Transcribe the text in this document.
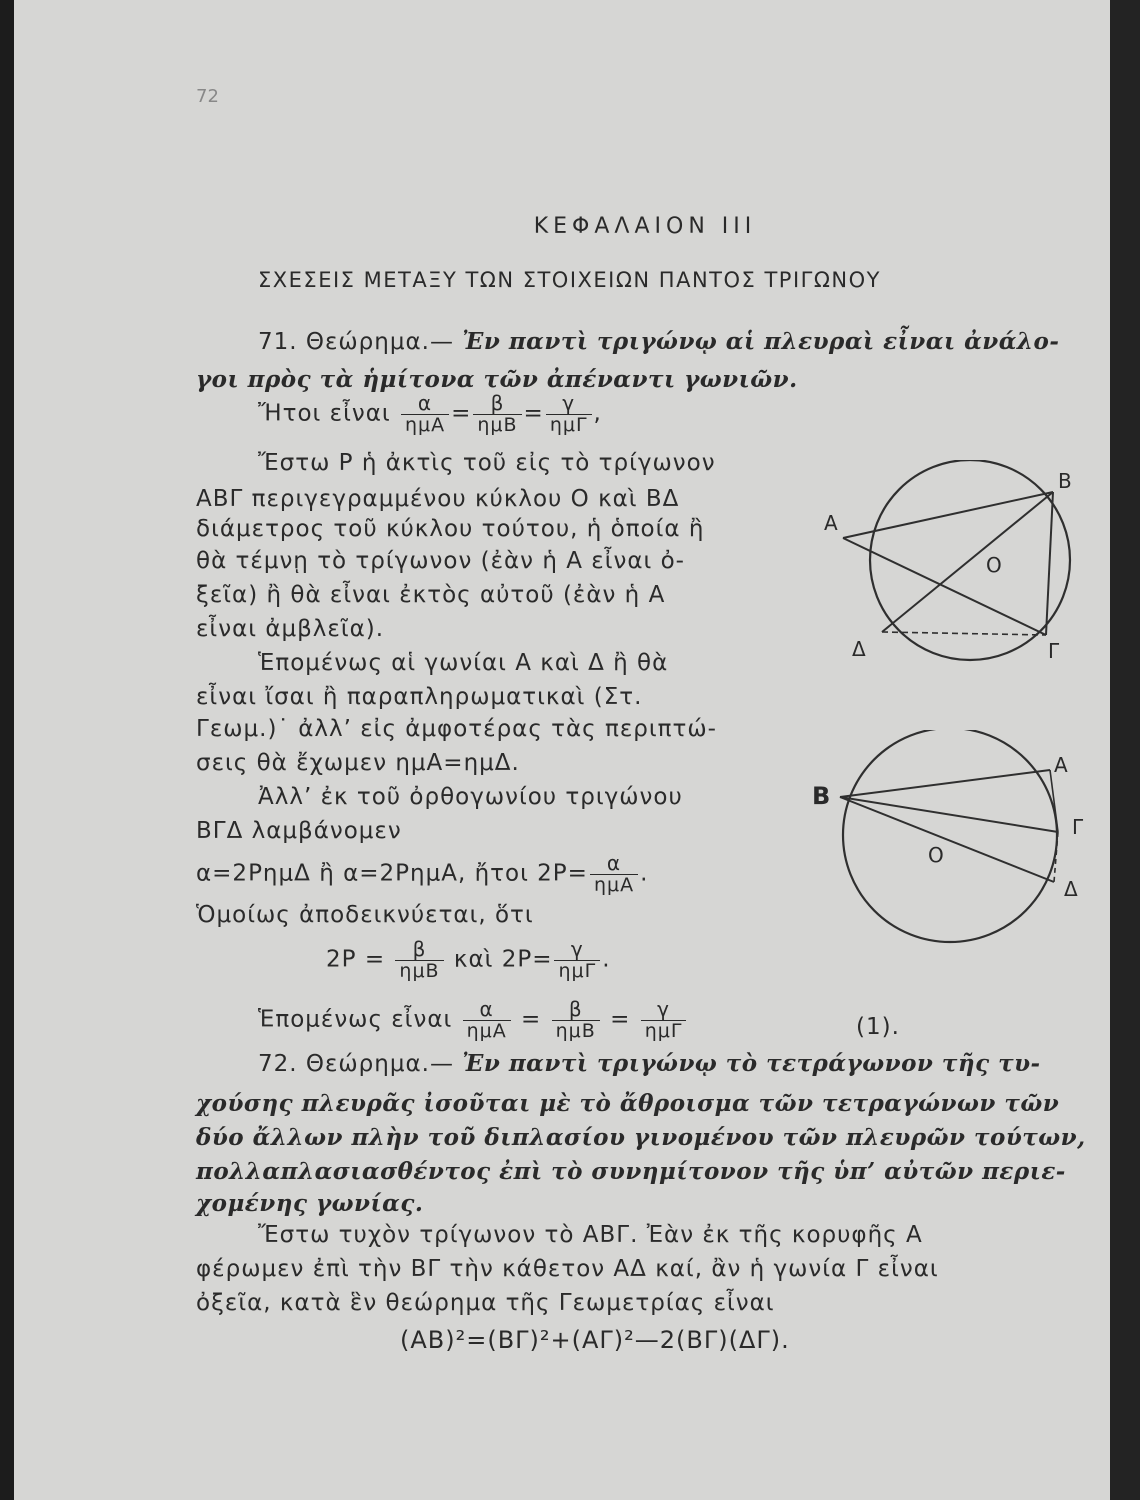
72
ΚΕΦΑΛΑΙΟΝ III
ΣΧΕΣΕΙΣ ΜΕΤΑΞΥ ΤΩΝ ΣΤΟΙΧΕΙΩΝ ΠΑΝΤΟΣ ΤΡΙΓΩΝΟΥ
71. Θεώρημα.— Ἐν παντὶ τριγώνῳ αἱ πλευραὶ εἶναι ἀνάλο-
γοι πρὸς τὰ ἡμίτονα τῶν ἀπέναντι γωνιῶν.
Ἤτοι εἶναι $\frac{\alpha}{\text{ημΑ}} = \frac{\beta}{\text{ημΒ}} = \frac{\gamma}{\text{ημΓ}}$ ,
Ἔστω Ρ ἡ ἀκτὶς τοῦ εἰς τὸ τρίγωνον
ΑΒΓ περιγεγραμμένου κύκλου Ο καὶ ΒΔ
διάμετρος τοῦ κύκλου τούτου, ἡ ὁποία ἢ
θὰ τέμνῃ τὸ τρίγωνον (ἐὰν ἡ Α εἶναι ὀ-
ξεῖα) ἢ θὰ εἶναι ἐκτὸς αὐτοῦ (ἐὰν ἡ Α
εἶναι ἀμβλεῖα).
Ἑπομένως αἱ γωνίαι Α καὶ Δ ἢ θὰ
εἶναι ἴσαι ἢ παραπληρωματικαὶ (Στ.
Γεωμ.)˙ ἀλλ’ εἰς ἀμφοτέρας τὰς περιπτώ-
σεις θὰ ἔχωμεν ημΑ=ημΔ.
Ἀλλ’ ἐκ τοῦ ὀρθογωνίου τριγώνου
ΒΓΔ λαμβάνομεν
α=2ΡημΔ ἢ α=2ΡημΑ, ἤτοι $2P= \frac{\alpha}{\text{ημΑ}}$ .
Ὁμοίως ἀποδεικνύεται, ὅτι
$2P = \frac{\beta}{\text{ημΒ}}$ καὶ $2P= \frac{\gamma}{\text{ημΓ}}$ .
Ἑπομένως εἶναι $\frac{\alpha}{\text{ημΑ}} = \frac{\beta}{\text{ημΒ}} = \frac{\gamma}{\text{ημΓ}}$	(1).
72. Θεώρημα.— Ἐν παντὶ τριγώνῳ τὸ τετράγωνον τῆς τυ-
χούσης πλευρᾶς ἰσοῦται μὲ τὸ ἄθροισμα τῶν τετραγώνων τῶν
δύο ἄλλων πλὴν τοῦ διπλασίου γινομένου τῶν πλευρῶν τούτων,
πολλαπλασιασθέντος ἐπὶ τὸ συνημίτονον τῆς ὑπ’ αὐτῶν περιε-
χομένης γωνίας.
Ἔστω τυχὸν τρίγωνον τὸ ΑΒΓ. Ἐὰν ἐκ τῆς κορυφῆς Α
φέρωμεν ἐπὶ τὴν ΒΓ τὴν κάθετον ΑΔ καί, ἂν ἡ γωνία Γ εἶναι
ὀξεῖα, κατὰ ἓν θεώρημα τῆς Γεωμετρίας εἶναι
(ΑΒ)²=(ΒΓ)²+(ΑΓ)²—2(ΒΓ)(ΔΓ).
Α
Β
Ο
Δ	Γ
Α
Β
Γ
Ο
Δ
